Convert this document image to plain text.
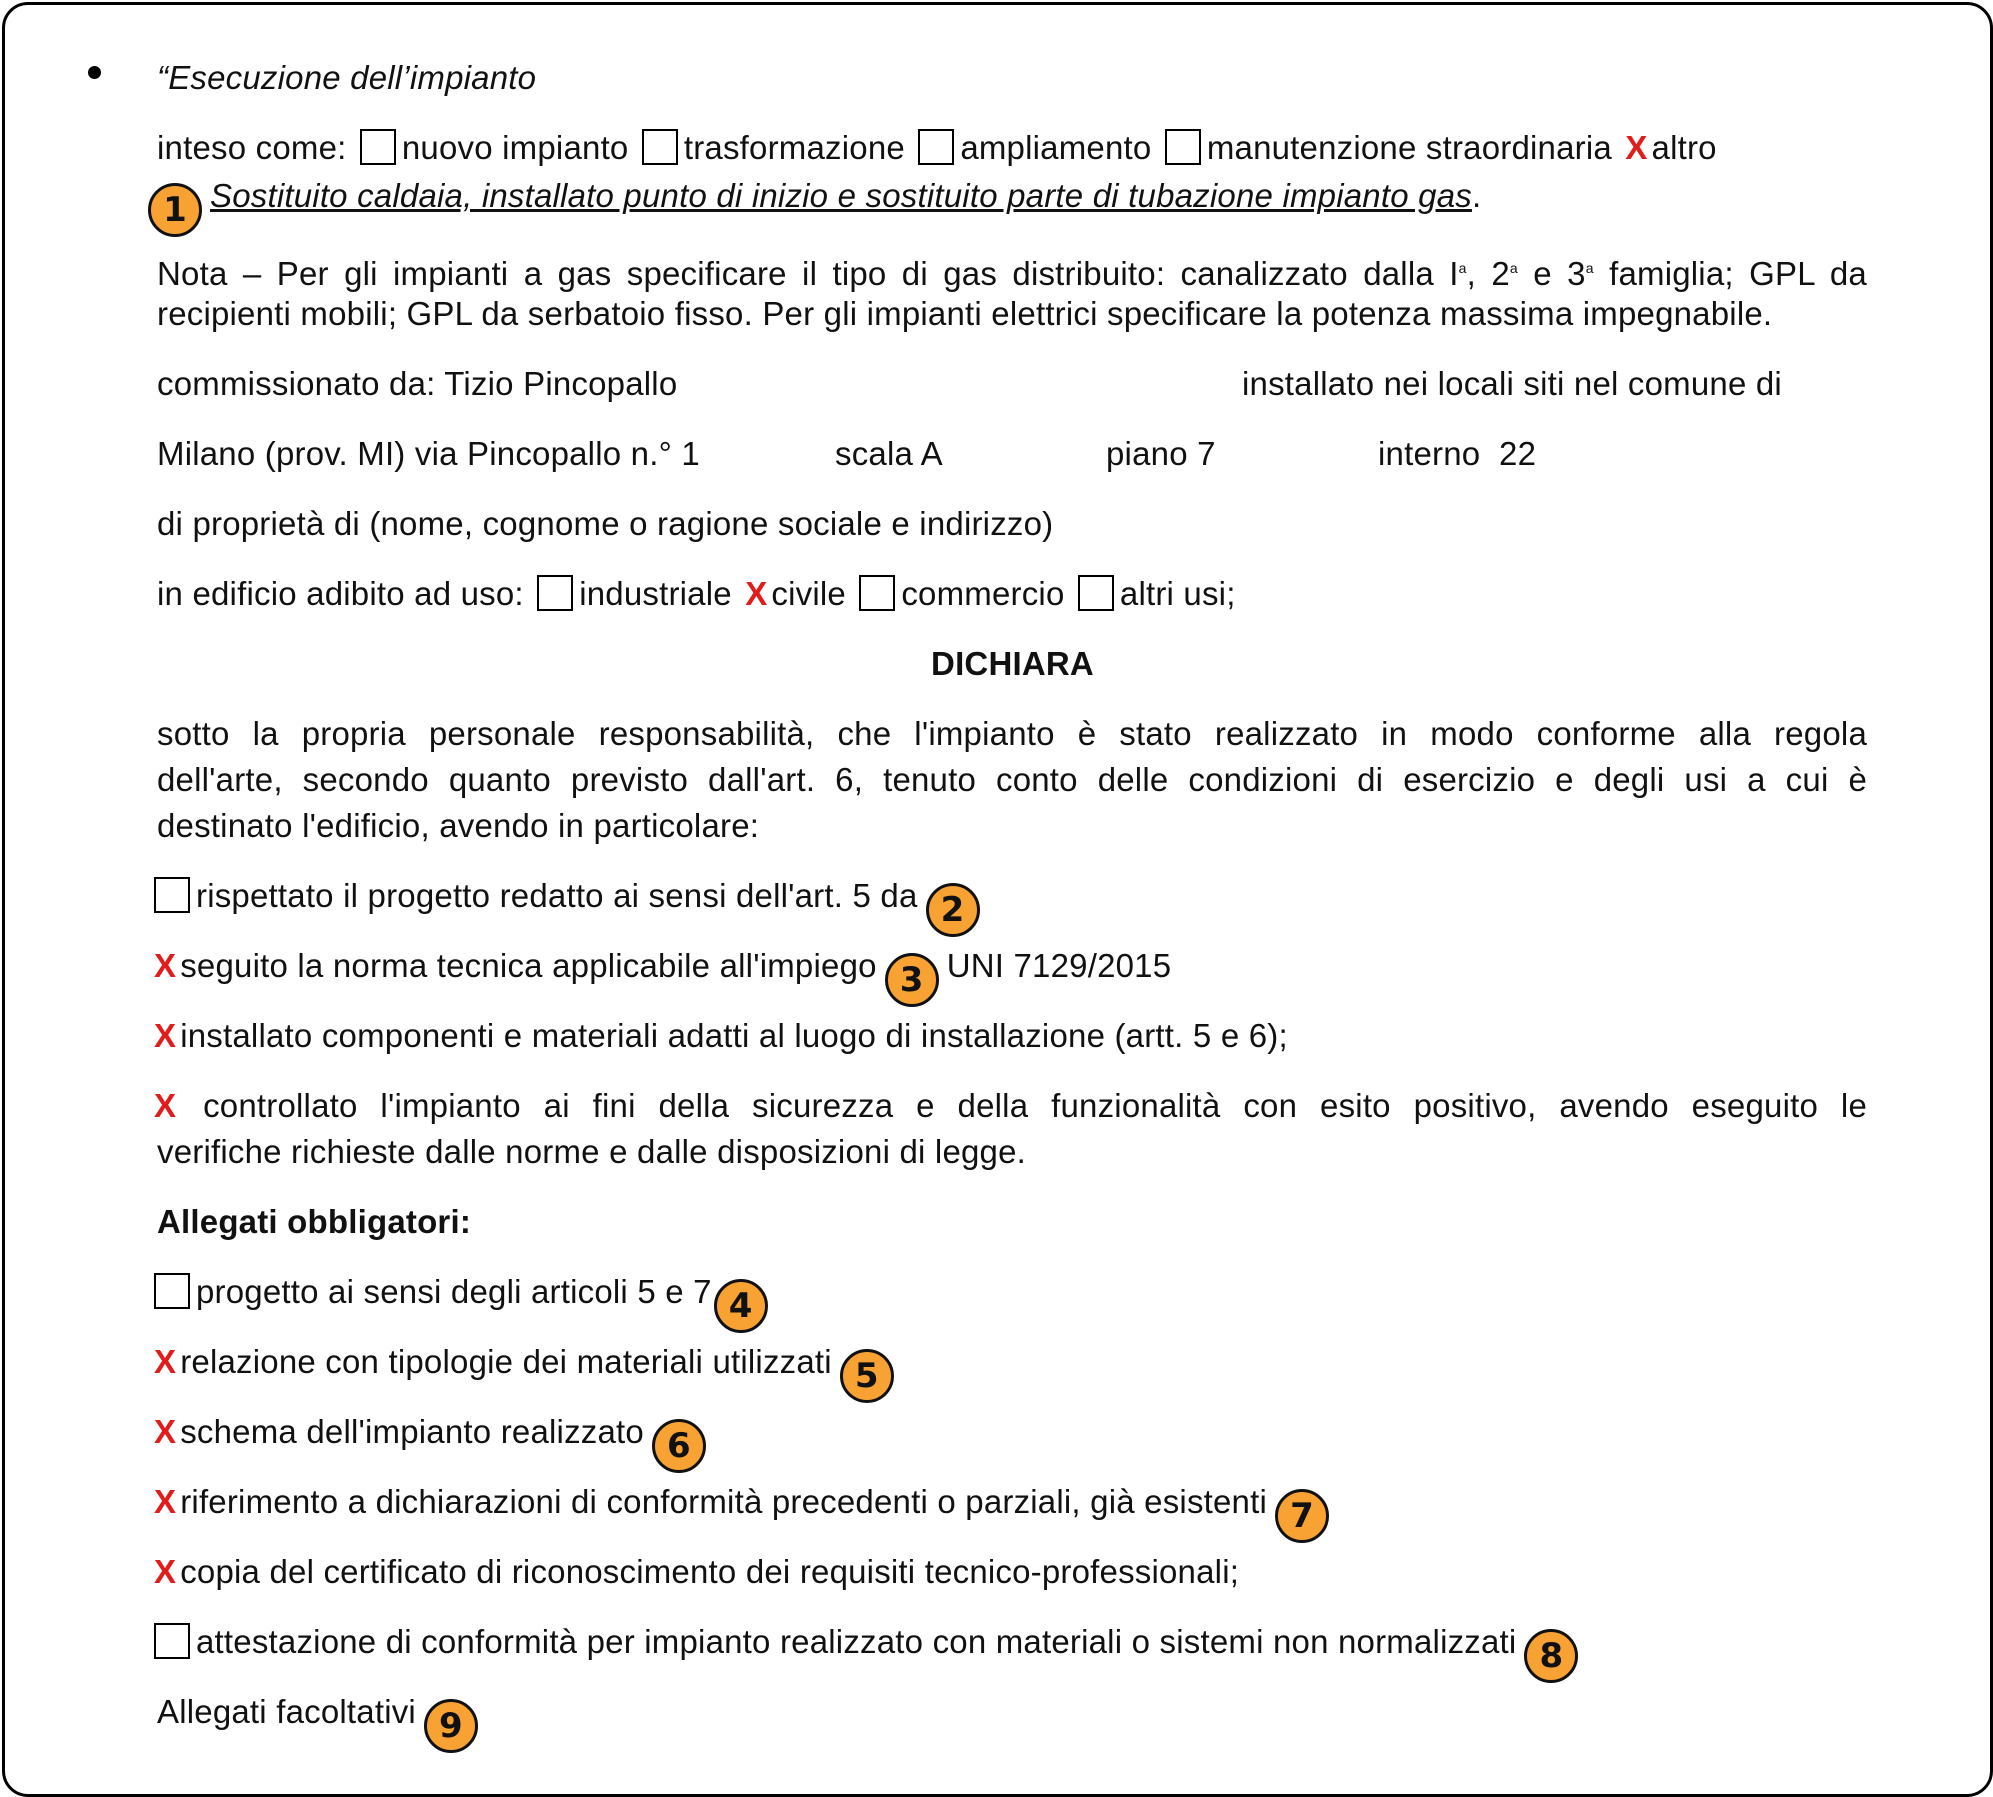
“Esecuzione dell’impianto
inteso come: nuovo impianto trasformazione ampliamento manutenzione straordinaria X altro
1 Sostituito caldaia, installato punto di inizio e sostituito parte di tubazione impianto gas.
Nota – Per gli impianti a gas specificare il tipo di gas distribuito: canalizzato dalla $I^a$, 2$^a$ e 3$^a$ famiglia; GPL da
recipienti mobili; GPL da serbatoio fisso. Per gli impianti elettrici specificare la potenza massima impegnabile.
commissionato da: Tizio Pincopallo	installato nei locali siti nel comune di
Milano (prov. MI) via Pincopallo n.° 1	scala A	piano 7	interno  22
di proprietà di (nome, cognome o ragione sociale e indirizzo)
in edificio adibito ad uso: industriale X civile commercio altri usi;
DICHIARA
sotto la propria personale responsabilità, che l'impianto è stato realizzato in modo conforme alla regola
dell'arte, secondo quanto previsto dall'art. 6, tenuto conto delle condizioni di esercizio e degli usi a cui è
destinato l'edificio, avendo in particolare:
rispettato il progetto redatto ai sensi dell'art. 5 da 2
X seguito la norma tecnica applicabile all'impiego 3 UNI 7129/2015
X installato componenti e materiali adatti al luogo di installazione (artt. 5 e 6);
X controllato l'impianto ai fini della sicurezza e della funzionalità con esito positivo, avendo eseguito le
verifiche richieste dalle norme e dalle disposizioni di legge.
Allegati obbligatori:
progetto ai sensi degli articoli 5 e 7 4
X relazione con tipologie dei materiali utilizzati 5
X schema dell'impianto realizzato 6
X riferimento a dichiarazioni di conformità precedenti o parziali, già esistenti 7
X copia del certificato di riconoscimento dei requisiti tecnico-professionali;
attestazione di conformità per impianto realizzato con materiali o sistemi non normalizzati 8
Allegati facoltativi 9
